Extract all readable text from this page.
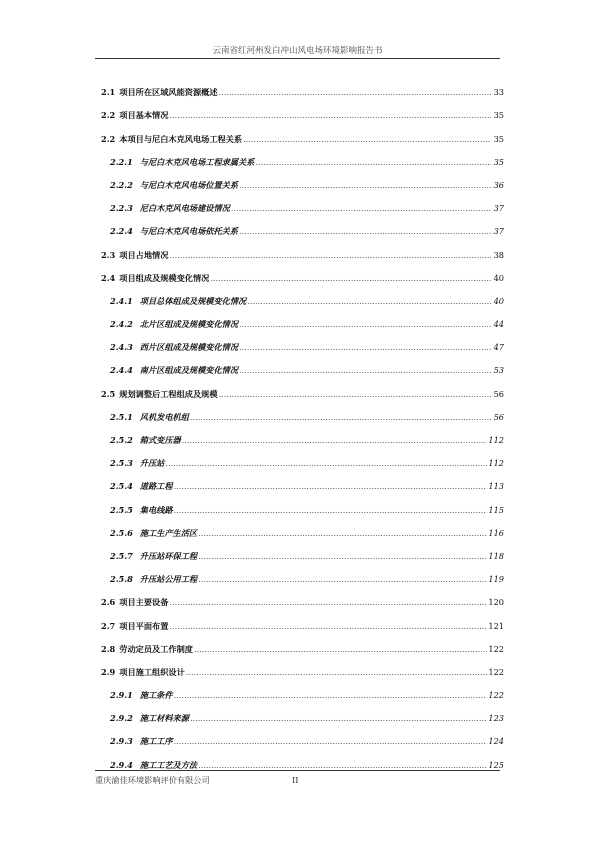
云南省红河州发白冲山风电场环境影响报告书
2.1 项目所在区域风能资源概述 .....	33
2.2 项目基本情况 .....	35
2.2 本项目与尼白木克风电场工程关系 .....	35
2.2.1 与尼白木克风电场工程隶属关系 .....	35
2.2.2 与尼白木克风电场位置关系 .....	36
2.2.3 尼白木克风电场建设情况 .....	37
2.2.4 与尼白木克风电场依托关系 .....	37
2.3 项目占地情况 .....	38
2.4 项目组成及规模变化情况 .....	40
2.4.1 项目总体组成及规模变化情况 .....	40
2.4.2 北片区组成及规模变化情况 .....	44
2.4.3 西片区组成及规模变化情况 .....	47
2.4.4 南片区组成及规模变化情况 .....	53
2.5 规划调整后工程组成及规模 .....	56
2.5.1 风机发电机组 .....	56
2.5.2 箱式变压器 .....	112
2.5.3 升压站 .....	112
2.5.4 道路工程 .....	113
2.5.5 集电线路 .....	115
2.5.6 施工生产生活区 .....	116
2.5.7 升压站环保工程 .....	118
2.5.8 升压站公用工程 .....	119
2.6 项目主要设备 .....	120
2.7 项目平面布置 .....	121
2.8 劳动定员及工作制度 .....	122
2.9 项目施工组织设计 .....	122
2.9.1 施工条件 .....	122
2.9.2 施工材料来源 .....	123
2.9.3 施工工序 .....	124
2.9.4 施工工艺及方法 .....	125
重庆渝佳环境影响评价有限公司	II
